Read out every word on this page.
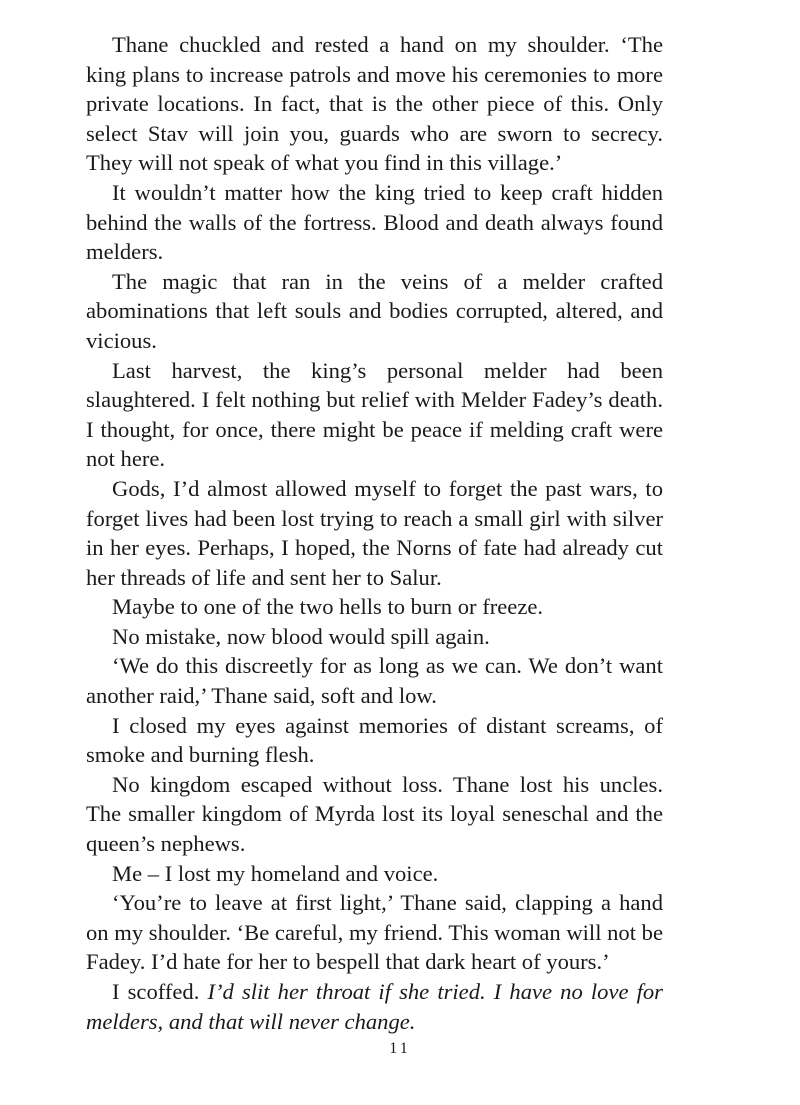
Thane chuckled and rested a hand on my shoulder. ‘The king plans to increase patrols and move his ceremonies to more private locations. In fact, that is the other piece of this. Only select Stav will join you, guards who are sworn to secrecy. They will not speak of what you find in this village.’

It wouldn’t matter how the king tried to keep craft hidden behind the walls of the fortress. Blood and death always found melders.

The magic that ran in the veins of a melder crafted abominations that left souls and bodies corrupted, altered, and vicious.

Last harvest, the king’s personal melder had been slaughtered. I felt nothing but relief with Melder Fadey’s death. I thought, for once, there might be peace if melding craft were not here.

Gods, I’d almost allowed myself to forget the past wars, to forget lives had been lost trying to reach a small girl with silver in her eyes. Perhaps, I hoped, the Norns of fate had already cut her threads of life and sent her to Salur.

Maybe to one of the two hells to burn or freeze.

No mistake, now blood would spill again.

‘We do this discreetly for as long as we can. We don’t want another raid,’ Thane said, soft and low.

I closed my eyes against memories of distant screams, of smoke and burning flesh.

No kingdom escaped without loss. Thane lost his uncles. The smaller kingdom of Myrda lost its loyal seneschal and the queen’s nephews.

Me – I lost my homeland and voice.

‘You’re to leave at first light,’ Thane said, clapping a hand on my shoulder. ‘Be careful, my friend. This woman will not be Fadey. I’d hate for her to bespell that dark heart of yours.’

I scoffed. I’d slit her throat if she tried. I have no love for melders, and that will never change.

11
